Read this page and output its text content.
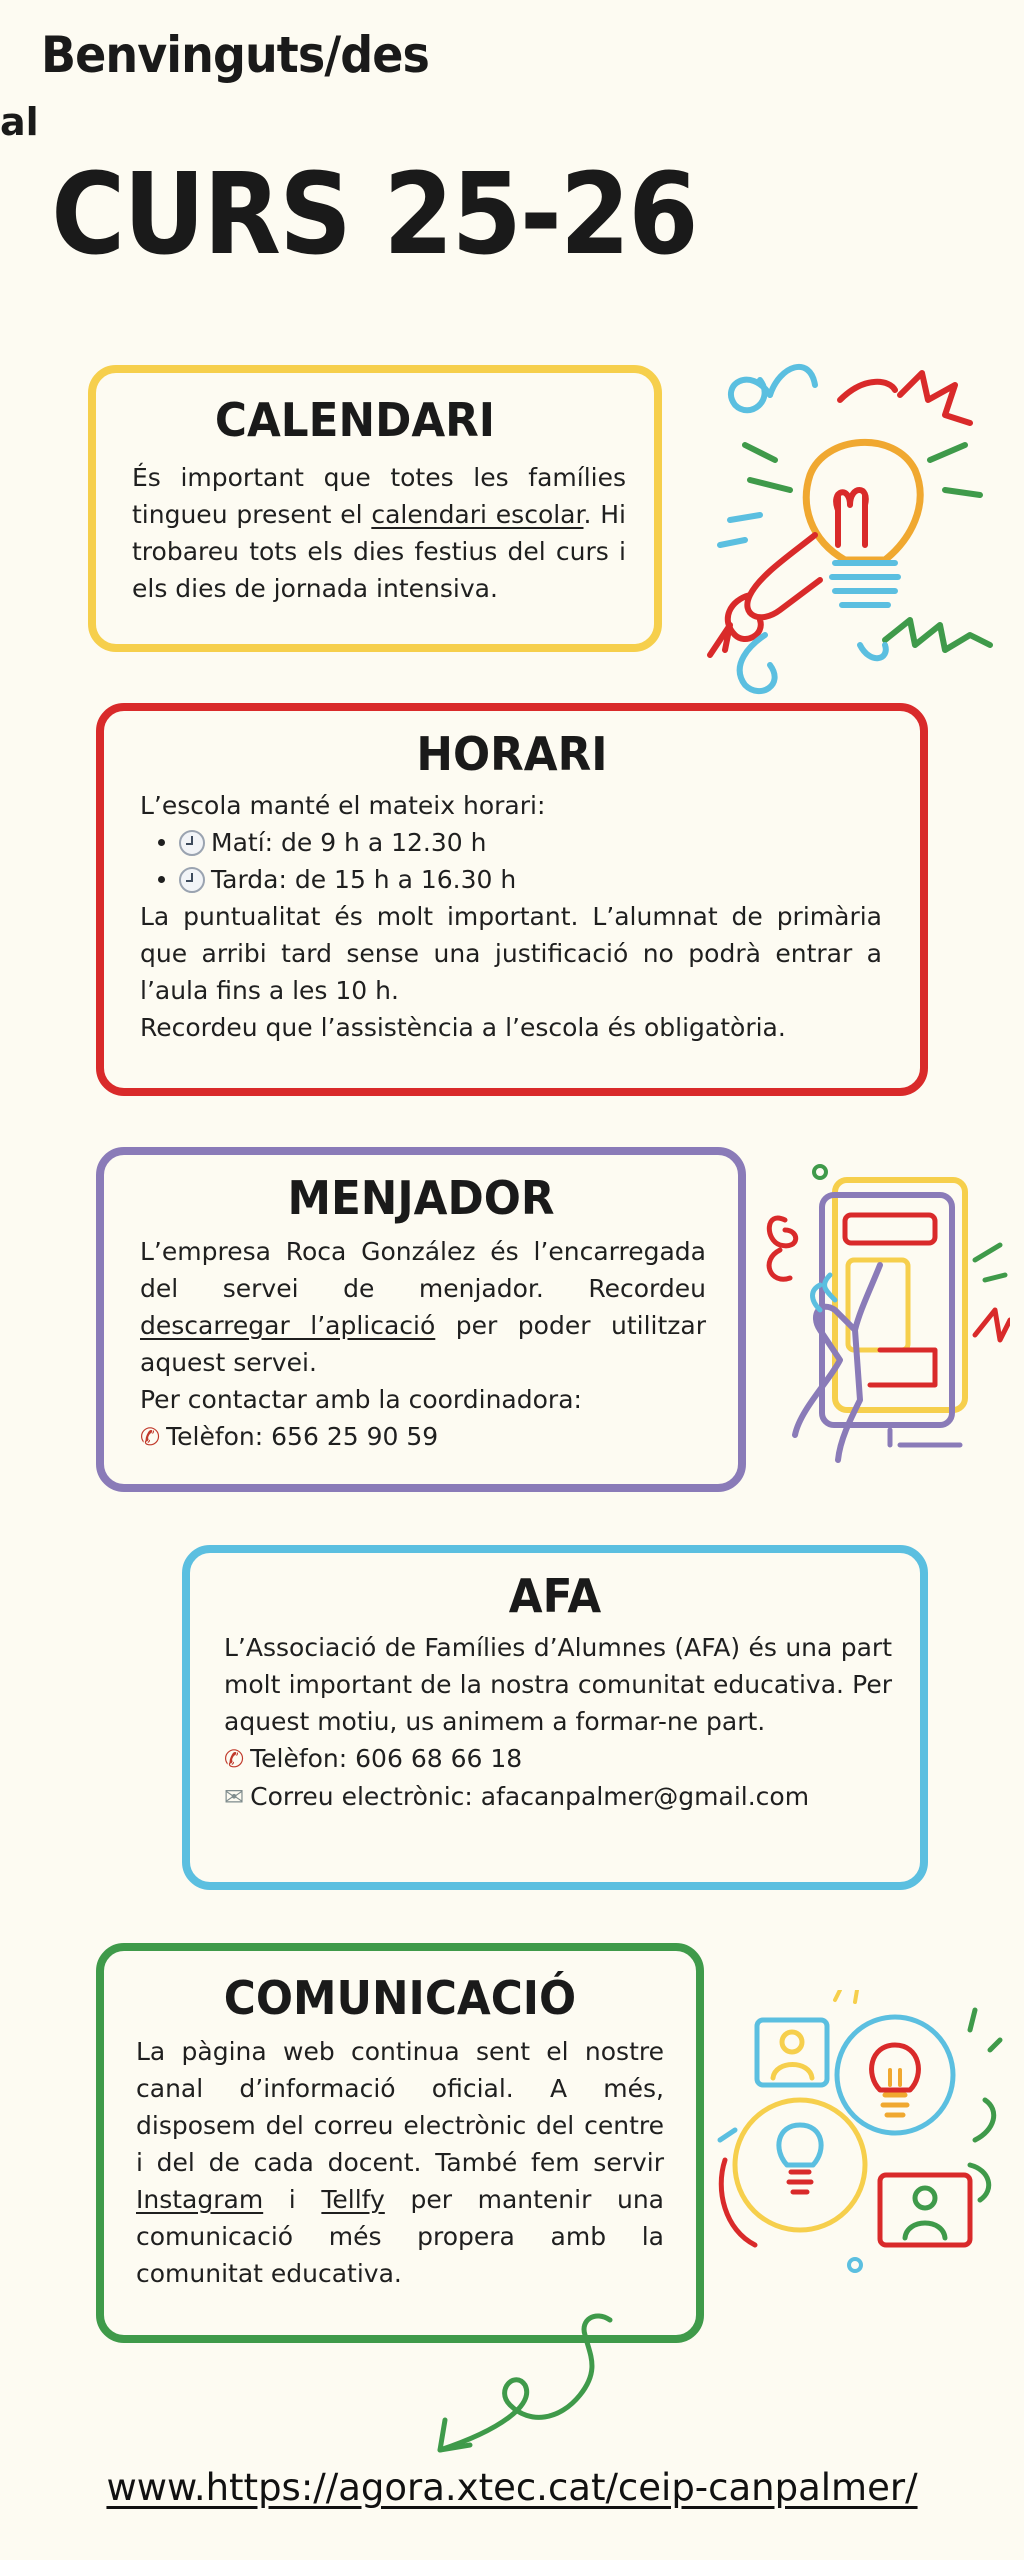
Benvinguts/des
al
CURS 25-26
CALENDARI
És important que totes les famílies tingueu present el calendari escolar. Hi trobareu tots els dies festius del curs i els dies de jornada intensiva.
HORARI
L’escola manté el mateix horari:
Matí: de 9 h a 12.30 h
Tarda: de 15 h a 16.30 h
La puntualitat és molt important. L’alumnat de primària que arribi tard sense una justificació no podrà entrar a l’aula fins a les 10 h.
Recordeu que l’assistència a l’escola és obligatòria.
MENJADOR
L’empresa Roca González és l’encarregada del servei de menjador. Recordeu descarregar l’aplicació per poder utilitzar aquest servei.
Per contactar amb la coordinadora:
✆ Telèfon: 656 25 90 59
AFA
L’Associació de Famílies d’Alumnes (AFA) és una part molt important de la nostra comunitat educativa. Per aquest motiu, us animem a formar-ne part.
✆ Telèfon: 606 68 66 18
✉ Correu electrònic: afacanpalmer@gmail.com
COMUNICACIÓ
La pàgina web continua sent el nostre canal d’informació oficial. A més, disposem del correu electrònic del centre i del de cada docent. També fem servir Instagram i Tellfy per mantenir una comunicació més propera amb la comunitat educativa.
www.https://agora.xtec.cat/ceip-canpalmer/
